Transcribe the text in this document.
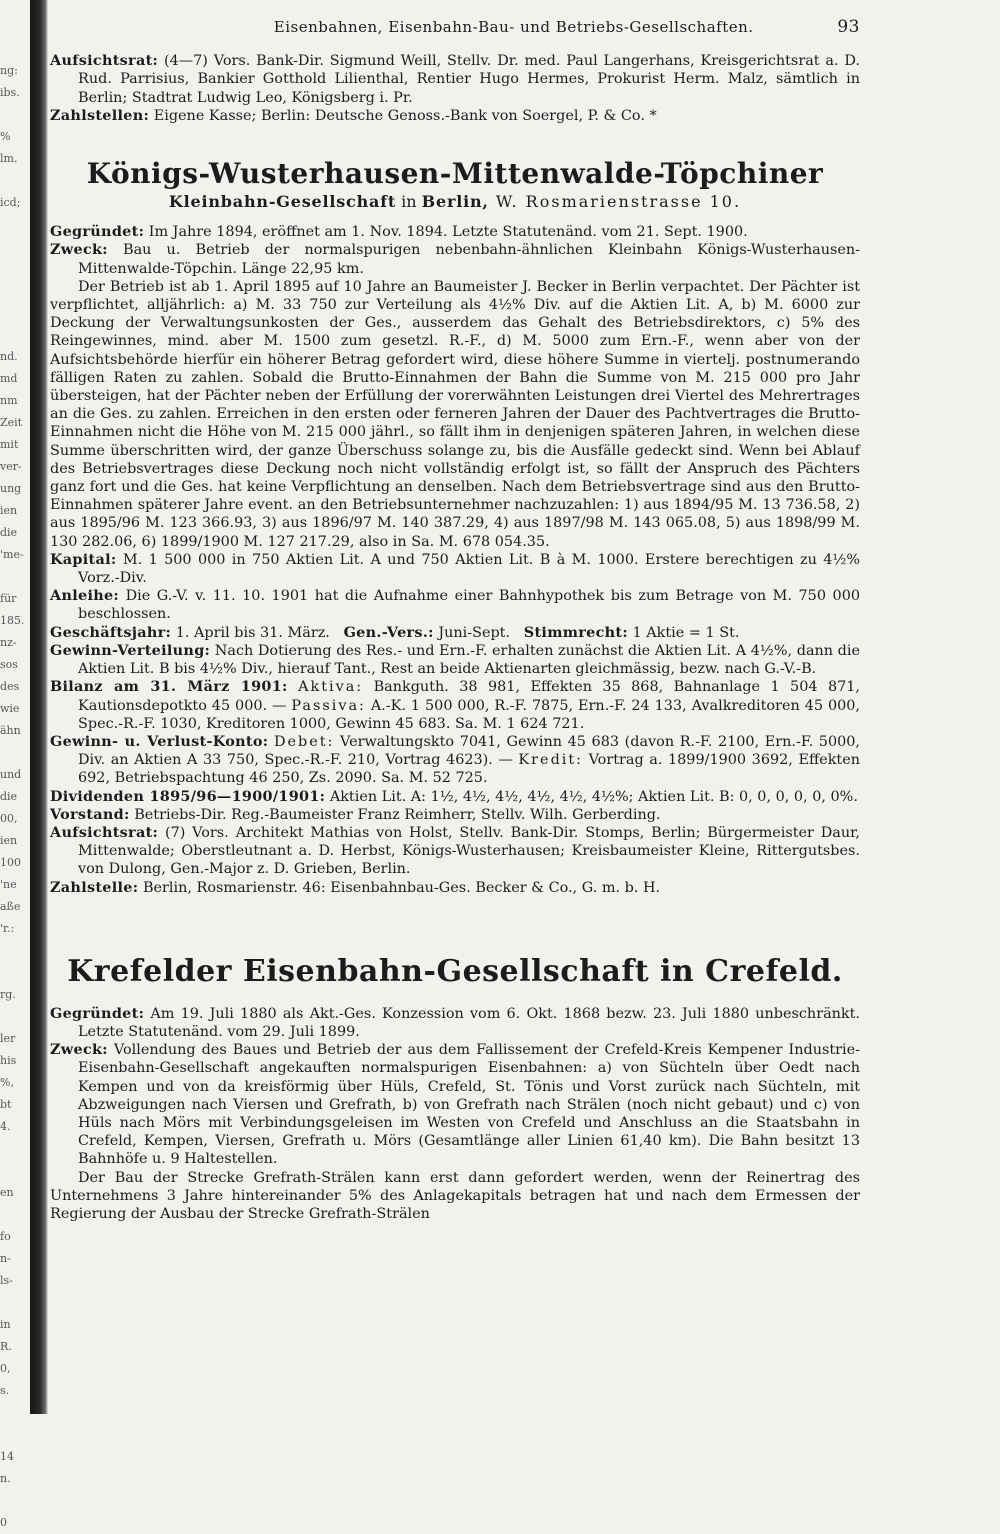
ng:
ibs.
%
lm.
icd;
nd.
md
nm
Zeit
mit
ver-
ung
ien
die
'me-
für
185.
nz-
sos
des
wie
ähn
und
die
00,
ien
100
'ne
aße
'r.:
rg.
ler
his
%,
bt
4.
en
fo
n-
ls-
in
R.
0,
s.
14
n.
0
Eisenbahnen, Eisenbahn-Bau- und Betriebs-Gesellschaften.	93

Aufsichtsrat: (4—7) Vors. Bank-Dir. Sigmund Weill, Stellv. Dr. med. Paul Langerhans, Kreisgerichtsrat a. D. Rud. Parrisius, Bankier Gotthold Lilienthal, Rentier Hugo Hermes, Prokurist Herm. Malz, sämtlich in Berlin; Stadtrat Ludwig Leo, Königsberg i. Pr.

Zahlstellen: Eigene Kasse; Berlin: Deutsche Genoss.-Bank von Soergel, P. & Co. *

Königs-Wusterhausen-Mittenwalde-Töpchiner
Kleinbahn-Gesellschaft in Berlin, W. Rosmarienstrasse 10.

Gegründet: Im Jahre 1894, eröffnet am 1. Nov. 1894. Letzte Statutenänd. vom 21. Sept. 1900.

Zweck: Bau u. Betrieb der normalspurigen nebenbahn-ähnlichen Kleinbahn Königs-Wusterhausen-Mittenwalde-Töpchin. Länge 22,95 km.

Der Betrieb ist ab 1. April 1895 auf 10 Jahre an Baumeister J. Becker in Berlin verpachtet. Der Pächter ist verpflichtet, alljährlich: a) M. 33 750 zur Verteilung als 4½% Div. auf die Aktien Lit. A, b) M. 6000 zur Deckung der Verwaltungsunkosten der Ges., ausserdem das Gehalt des Betriebsdirektors, c) 5% des Reingewinnes, mind. aber M. 1500 zum gesetzl. R.-F., d) M. 5000 zum Ern.-F., wenn aber von der Aufsichtsbehörde hierfür ein höherer Betrag gefordert wird, diese höhere Summe in viertelj. postnumerando fälligen Raten zu zahlen. Sobald die Brutto-Einnahmen der Bahn die Summe von M. 215 000 pro Jahr übersteigen, hat der Pächter neben der Erfüllung der vorerwähnten Leistungen drei Viertel des Mehrertrages an die Ges. zu zahlen. Erreichen in den ersten oder ferneren Jahren der Dauer des Pachtvertrages die Brutto-Einnahmen nicht die Höhe von M. 215 000 jährl., so fällt ihm in denjenigen späteren Jahren, in welchen diese Summe überschritten wird, der ganze Überschuss solange zu, bis die Ausfälle gedeckt sind. Wenn bei Ablauf des Betriebsvertrages diese Deckung noch nicht vollständig erfolgt ist, so fällt der Anspruch des Pächters ganz fort und die Ges. hat keine Verpflichtung an denselben. Nach dem Betriebsvertrage sind aus den Brutto-Einnahmen späterer Jahre event. an den Betriebsunternehmer nachzuzahlen: 1) aus 1894/95 M. 13 736.58, 2) aus 1895/96 M. 123 366.93, 3) aus 1896/97 M. 140 387.29, 4) aus 1897/98 M. 143 065.08, 5) aus 1898/99 M. 130 282.06, 6) 1899/1900 M. 127 217.29, also in Sa. M. 678 054.35.

Kapital: M. 1 500 000 in 750 Aktien Lit. A und 750 Aktien Lit. B à M. 1000. Erstere berechtigen zu 4½% Vorz.-Div.

Anleihe: Die G.-V. v. 11. 10. 1901 hat die Aufnahme einer Bahnhypothek bis zum Betrage von M. 750 000 beschlossen.

Geschäftsjahr: 1. April bis 31. März. Gen.-Vers.: Juni-Sept. Stimmrecht: 1 Aktie = 1 St.

Gewinn-Verteilung: Nach Dotierung des Res.- und Ern.-F. erhalten zunächst die Aktien Lit. A 4½%, dann die Aktien Lit. B bis 4½% Div., hierauf Tant., Rest an beide Aktienarten gleichmässig, bezw. nach G.-V.-B.

Bilanz am 31. März 1901: Aktiva: Bankguth. 38 981, Effekten 35 868, Bahnanlage 1 504 871, Kautionsdepotkto 45 000. — Passiva: A.-K. 1 500 000, R.-F. 7875, Ern.-F. 24 133, Avalkreditoren 45 000, Spec.-R.-F. 1030, Kreditoren 1000, Gewinn 45 683. Sa. M. 1 624 721.

Gewinn- u. Verlust-Konto: Debet: Verwaltungskto 7041, Gewinn 45 683 (davon R.-F. 2100, Ern.-F. 5000, Div. an Aktien A 33 750, Spec.-R.-F. 210, Vortrag 4623). — Kredit: Vortrag a. 1899/1900 3692, Effekten 692, Betriebspachtung 46 250, Zs. 2090. Sa. M. 52 725.

Dividenden 1895/96—1900/1901: Aktien Lit. A: 1½, 4½, 4½, 4½, 4½, 4½%; Aktien Lit. B: 0, 0, 0, 0, 0, 0%.

Vorstand: Betriebs-Dir. Reg.-Baumeister Franz Reimherr, Stellv. Wilh. Gerberding.

Aufsichtsrat: (7) Vors. Architekt Mathias von Holst, Stellv. Bank-Dir. Stomps, Berlin; Bürgermeister Daur, Mittenwalde; Oberstleutnant a. D. Herbst, Königs-Wusterhausen; Kreisbaumeister Kleine, Rittergutsbes. von Dulong, Gen.-Major z. D. Grieben, Berlin.

Zahlstelle: Berlin, Rosmarienstr. 46: Eisenbahnbau-Ges. Becker & Co., G. m. b. H.

Krefelder Eisenbahn-Gesellschaft in Crefeld.

Gegründet: Am 19. Juli 1880 als Akt.-Ges. Konzession vom 6. Okt. 1868 bezw. 23. Juli 1880 unbeschränkt. Letzte Statutenänd. vom 29. Juli 1899.

Zweck: Vollendung des Baues und Betrieb der aus dem Fallissement der Crefeld-Kreis Kempener Industrie-Eisenbahn-Gesellschaft angekauften normalspurigen Eisenbahnen: a) von Süchteln über Oedt nach Kempen und von da kreisförmig über Hüls, Crefeld, St. Tönis und Vorst zurück nach Süchteln, mit Abzweigungen nach Viersen und Grefrath, b) von Grefrath nach Strälen (noch nicht gebaut) und c) von Hüls nach Mörs mit Verbindungsgeleisen im Westen von Crefeld und Anschluss an die Staatsbahn in Crefeld, Kempen, Viersen, Grefrath u. Mörs (Gesamtlänge aller Linien 61,40 km). Die Bahn besitzt 13 Bahnhöfe u. 9 Haltestellen.

Der Bau der Strecke Grefrath-Strälen kann erst dann gefordert werden, wenn der Reinertrag des Unternehmens 3 Jahre hintereinander 5% des Anlagekapitals betragen hat und nach dem Ermessen der Regierung der Ausbau der Strecke Grefrath-Strälen
